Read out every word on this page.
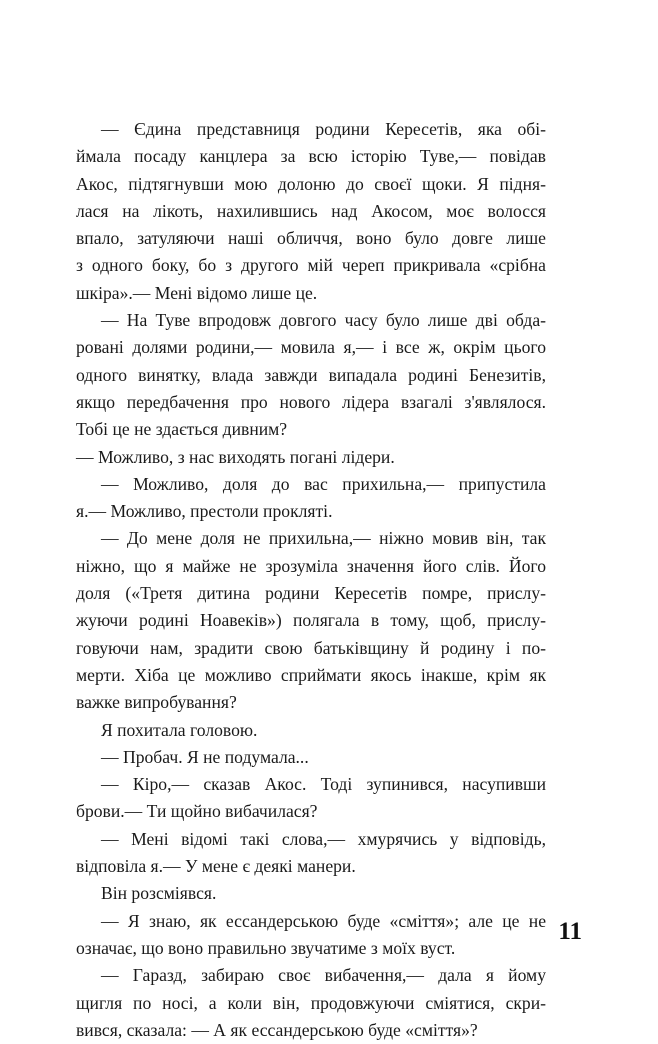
— Єдина представниця родини Кересетів, яка обі-
ймала посаду канцлера за всю історію Туве,— повідав
Акос, підтягнувши мою долоню до своєї щоки. Я підня-
лася на лікоть, нахилившись над Акосом, моє волосся
впало, затуляючи наші обличчя, воно було довге лише
з одного боку, бо з другого мій череп прикривала «срібна
шкіра».— Мені відомо лише це.
— На Туве впродовж довгого часу було лише дві обда-
ровані долями родини,— мовила я,— і все ж, окрім цього
одного винятку, влада завжди випадала родині Бенезитів,
якщо передбачення про нового лідера взагалі з'являлося.
Тобі це не здається дивним?
— Можливо, з нас виходять погані лідери.
— Можливо, доля до вас прихильна,— припустила
я.— Можливо, престоли прокляті.
— До мене доля не прихильна,— ніжно мовив він, так
ніжно, що я майже не зрозуміла значення його слів. Його
доля («Третя дитина родини Кересетів помре, прислу-
жуючи родині Ноавеків») полягала в тому, щоб, прислу-
говуючи нам, зрадити свою батьківщину й родину і по-
мерти. Хіба це можливо сприймати якось інакше, крім як
важке випробування?
Я похитала головою.
— Пробач. Я не подумала...
— Кіро,— сказав Акос. Тоді зупинився, насупивши
брови.— Ти щойно вибачилася?
— Мені відомі такі слова,— хмурячись у відповідь,
відповіла я.— У мене є деякі манери.
Він розсміявся.
— Я знаю, як ессандерською буде «сміття»; але це не
означає, що воно правильно звучатиме з моїх вуст.
— Гаразд, забираю своє вибачення,— дала я йому
щигля по носі, а коли він, продовжуючи сміятися, скри-
вився, сказала: — А як ессандерською буде «сміття»?
11
